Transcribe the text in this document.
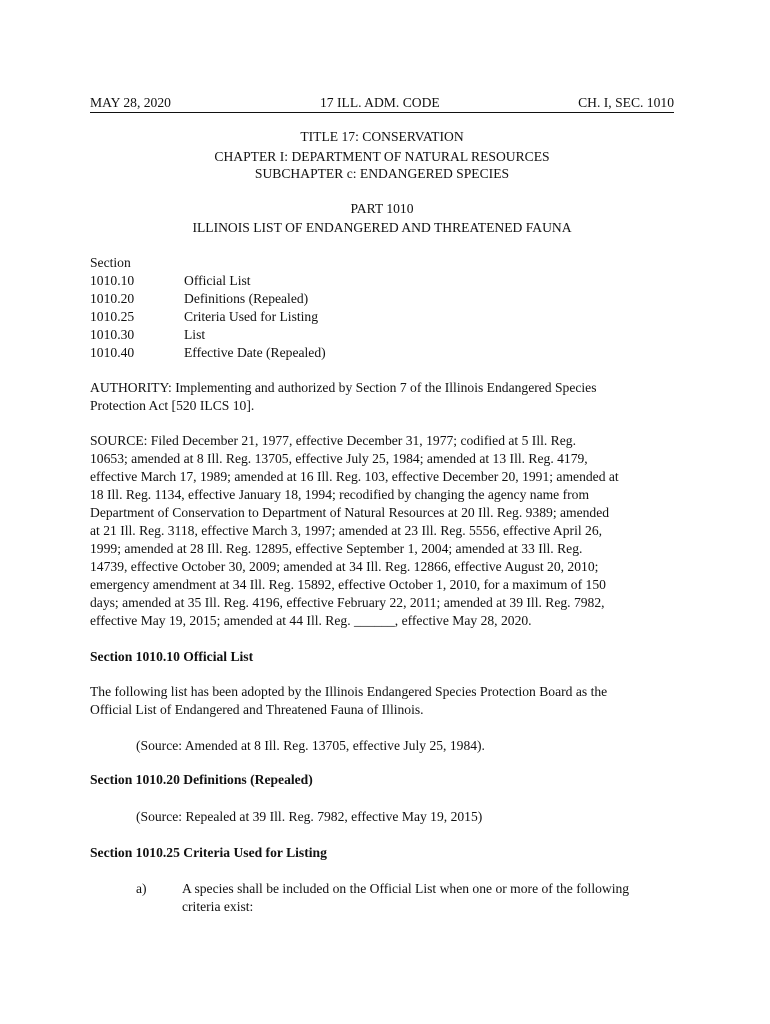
MAY 28, 2020	17 ILL. ADM. CODE	CH. I, SEC. 1010
TITLE 17: CONSERVATION
CHAPTER I: DEPARTMENT OF NATURAL RESOURCES
SUBCHAPTER c: ENDANGERED SPECIES
PART 1010
ILLINOIS LIST OF ENDANGERED AND THREATENED FAUNA
Section
1010.10	Official List
1010.20	Definitions (Repealed)
1010.25	Criteria Used for Listing
1010.30	List
1010.40	Effective Date (Repealed)

AUTHORITY: Implementing and authorized by Section 7 of the Illinois Endangered Species

Protection Act [520 ILCS 10].

SOURCE: Filed December 21, 1977, effective December 31, 1977; codified at 5 Ill. Reg.

10653; amended at 8 Ill. Reg. 13705, effective July 25, 1984; amended at 13 Ill. Reg. 4179,

effective March 17, 1989; amended at 16 Ill. Reg. 103, effective December 20, 1991; amended at

18 Ill. Reg. 1134, effective January 18, 1994; recodified by changing the agency name from

Department of Conservation to Department of Natural Resources at 20 Ill. Reg. 9389; amended

at 21 Ill. Reg. 3118, effective March 3, 1997; amended at 23 Ill. Reg. 5556, effective April 26,

1999; amended at 28 Ill. Reg. 12895, effective September 1, 2004; amended at 33 Ill. Reg.

14739, effective October 30, 2009; amended at 34 Ill. Reg. 12866, effective August 20, 2010;

emergency amendment at 34 Ill. Reg. 15892, effective October 1, 2010, for a maximum of 150

days; amended at 35 Ill. Reg. 4196, effective February 22, 2011; amended at 39 Ill. Reg. 7982,

effective May 19, 2015; amended at 44 Ill. Reg. ______, effective May 28, 2020.

Section 1010.10 Official List

The following list has been adopted by the Illinois Endangered Species Protection Board as the

Official List of Endangered and Threatened Fauna of Illinois.

(Source: Amended at 8 Ill. Reg. 13705, effective July 25, 1984).
Section 1010.20 Definitions (Repealed)
(Source: Repealed at 39 Ill. Reg. 7982, effective May 19, 2015)
Section 1010.25 Criteria Used for Listing
a)	A species shall be included on the Official List when one or more of the following

criteria exist:
